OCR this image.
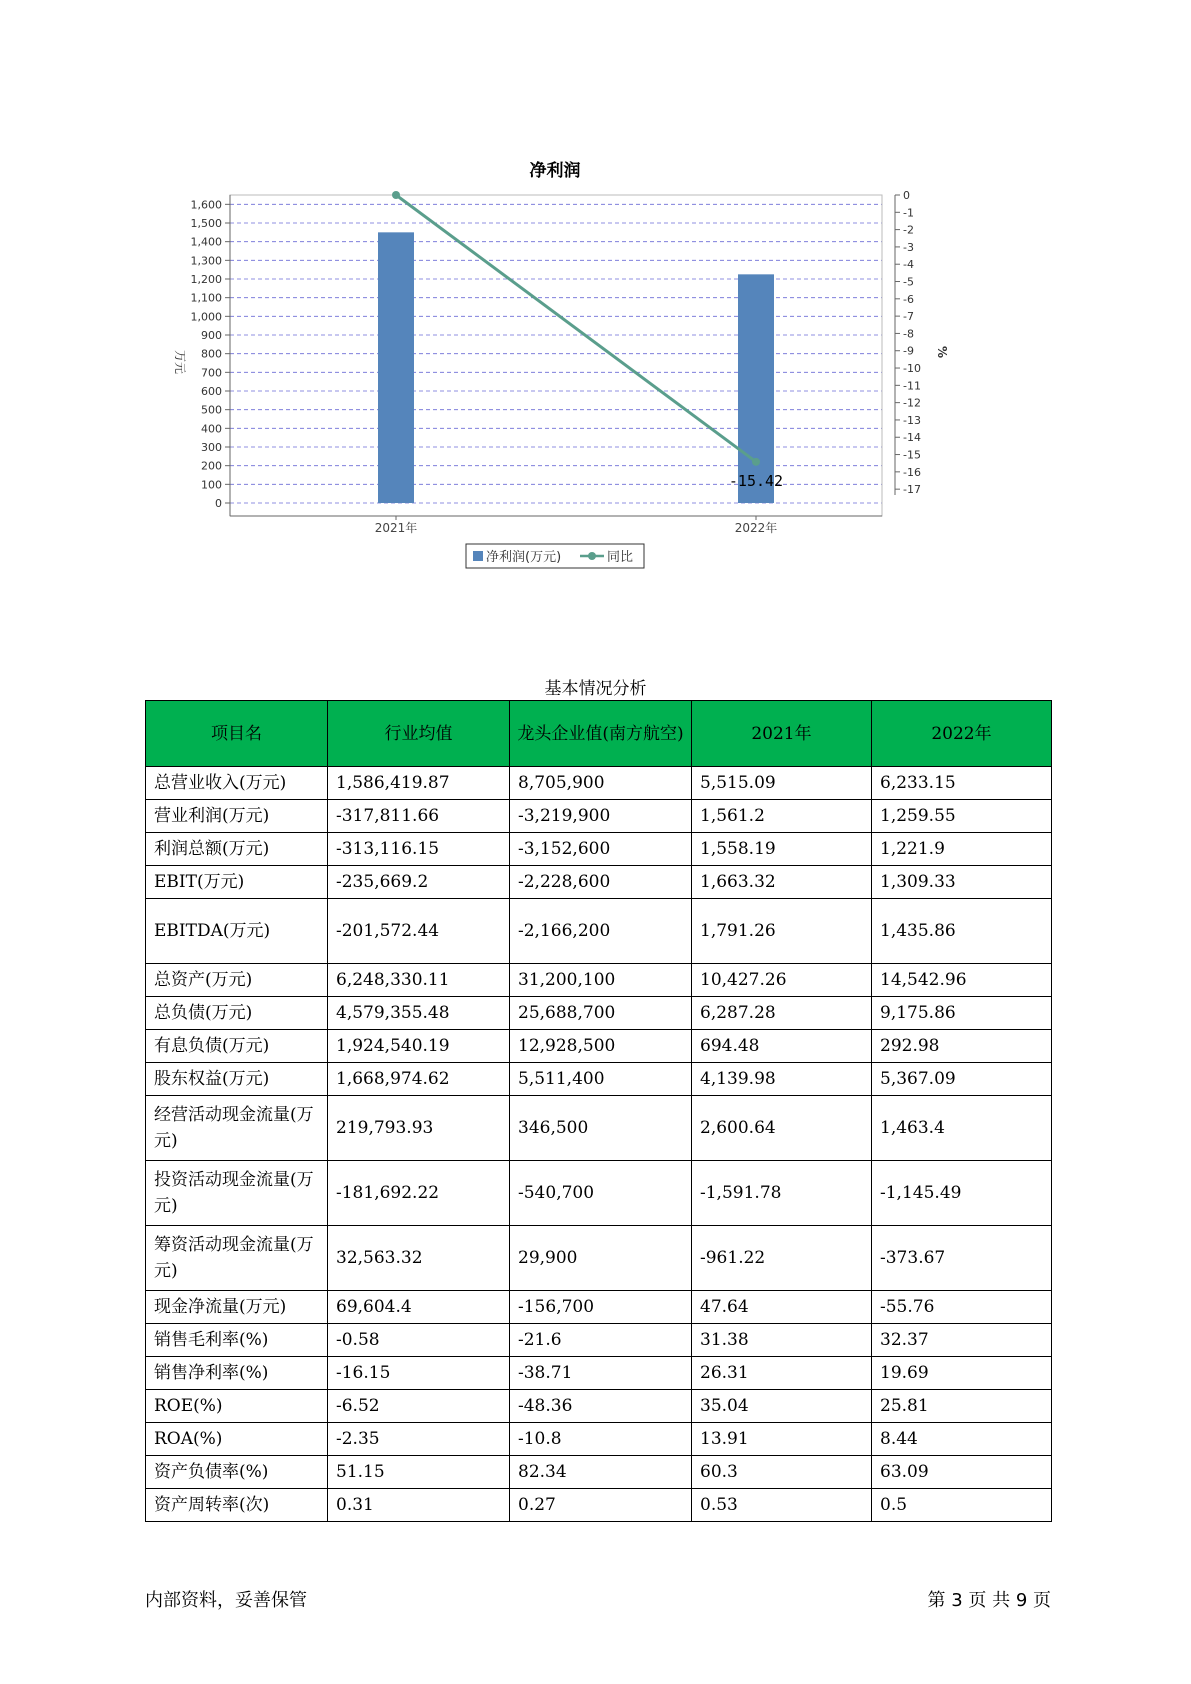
净利润
0
100
200
300
400
500
600
700
800
900
1,000
1,100
1,200
1,300
1,400
1,500
1,600
0
-1
-2
-3
-4
-5
-6
-7
-8
-9
-10
-11
-12
-13
-14
-15
-16
-17
万元	%
2021年	2022年
-15.42
净利润(万元)	同比
基本情况分析
项目名	行业均值	龙头企业值(南方航空)	2021年	2022年
总营业收入(万元)	1,586,419.87	8,705,900	5,515.09	6,233.15
营业利润(万元)	-317,811.66	-3,219,900	1,561.2	1,259.55
利润总额(万元)	-313,116.15	-3,152,600	1,558.19	1,221.9
EBIT(万元)	-235,669.2	-2,228,600	1,663.32	1,309.33
EBITDA(万元)	-201,572.44	-2,166,200	1,791.26	1,435.86
总资产(万元)	6,248,330.11	31,200,100	10,427.26	14,542.96
总负债(万元)	4,579,355.48	25,688,700	6,287.28	9,175.86
有息负债(万元)	1,924,540.19	12,928,500	694.48	292.98
股东权益(万元)	1,668,974.62	5,511,400	4,139.98	5,367.09
经营活动现金流量(万元)	219,793.93	346,500	2,600.64	1,463.4
投资活动现金流量(万元)	-181,692.22	-540,700	-1,591.78	-1,145.49
筹资活动现金流量(万元)	32,563.32	29,900	-961.22	-373.67
现金净流量(万元)	69,604.4	-156,700	47.64	-55.76
销售毛利率(%)	-0.58	-21.6	31.38	32.37
销售净利率(%)	-16.15	-38.71	26.31	19.69
ROE(%)	-6.52	-48.36	35.04	25.81
ROA(%)	-2.35	-10.8	13.91	8.44
资产负债率(%)	51.15	82.34	60.3	63.09
资产周转率(次)	0.31	0.27	0.53	0.5
内部资料，妥善保管	第 3 页 共 9 页
